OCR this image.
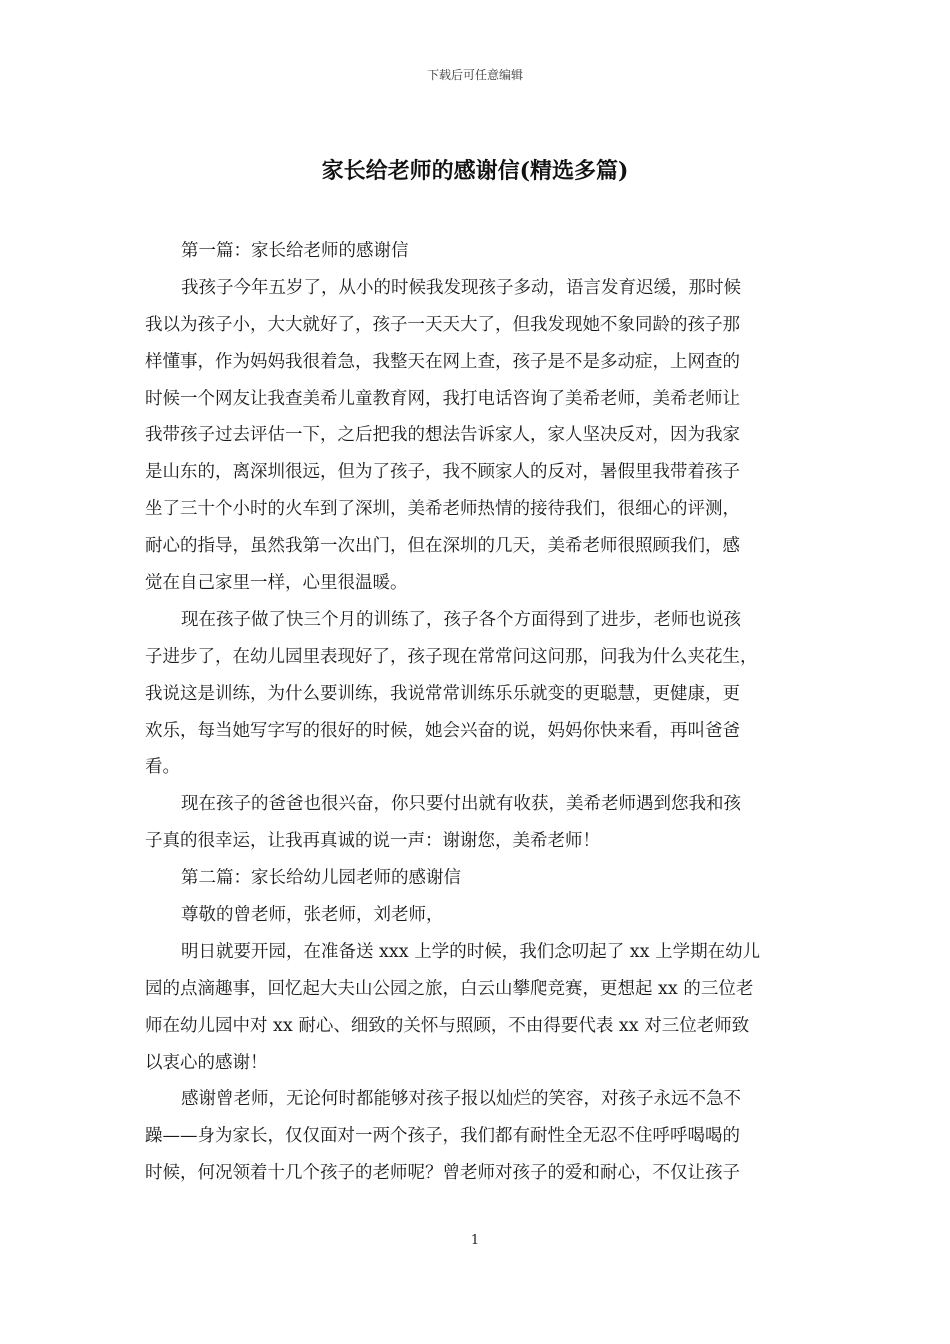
下载后可任意编辑
家长给老师的感谢信(精选多篇)
第一篇：家长给老师的感谢信
我孩子今年五岁了，从小的时候我发现孩子多动，语言发育迟缓，那时候
我以为孩子小，大大就好了，孩子一天天大了，但我发现她不象同龄的孩子那
样懂事，作为妈妈我很着急，我整天在网上查，孩子是不是多动症，上网查的
时候一个网友让我查美希儿童教育网，我打电话咨询了美希老师，美希老师让
我带孩子过去评估一下，之后把我的想法告诉家人，家人坚决反对，因为我家
是山东的，离深圳很远，但为了孩子，我不顾家人的反对，暑假里我带着孩子
坐了三十个小时的火车到了深圳，美希老师热情的接待我们，很细心的评测，
耐心的指导，虽然我第一次出门，但在深圳的几天，美希老师很照顾我们，感
觉在自己家里一样，心里很温暖。
现在孩子做了快三个月的训练了，孩子各个方面得到了进步，老师也说孩
子进步了，在幼儿园里表现好了，孩子现在常常问这问那，问我为什么夹花生，
我说这是训练，为什么要训练，我说常常训练乐乐就变的更聪慧，更健康，更
欢乐，每当她写字写的很好的时候，她会兴奋的说，妈妈你快来看，再叫爸爸
看。
现在孩子的爸爸也很兴奋，你只要付出就有收获，美希老师遇到您我和孩
子真的很幸运，让我再真诚的说一声：谢谢您，美希老师！
第二篇：家长给幼儿园老师的感谢信
尊敬的曾老师，张老师，刘老师，
明日就要开园，在准备送 xxx 上学的时候，我们念叨起了 xx 上学期在幼儿
园的点滴趣事，回忆起大夫山公园之旅，白云山攀爬竞赛，更想起 xx 的三位老
师在幼儿园中对 xx 耐心、细致的关怀与照顾，不由得要代表 xx 对三位老师致
以衷心的感谢！
感谢曾老师，无论何时都能够对孩子报以灿烂的笑容，对孩子永远不急不
躁——身为家长，仅仅面对一两个孩子，我们都有耐性全无忍不住呼呼喝喝的
时候，何况领着十几个孩子的老师呢？曾老师对孩子的爱和耐心，不仅让孩子
1
